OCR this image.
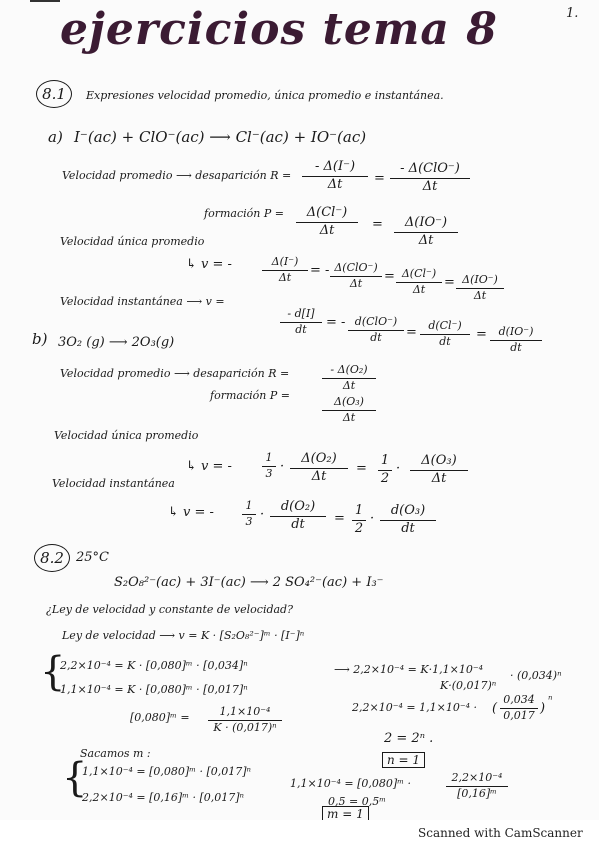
ejercicios tema 8	1.
8.1	Expresiones velocidad promedio, única promedio e instantánea.
a) I⁻(ac) + ClO⁻(ac) ⟶ Cl⁻(ac) + IO⁻(ac)
Velocidad promedio ⟶ desaparición $R = \frac{- \Delta(I^-)}{\Delta t}$ =
- Δ(ClO⁻)
Δt
formación $P = \frac{\Delta(Cl^-)}{\Delta t} = \frac{\Delta(IO^-)}{\Delta t}$
Velocidad única promedio
↳ v = -	$\frac{\Delta(I^-)}{\Delta t}$ = - Δ(ClO⁻)
Δt	= $\frac{\Delta(Cl^-)}{\Delta t} = \frac{\Delta(IO^-)}{\Delta t}$
Velocidad instantánea ⟶ v =
$\frac{- d[I]}{dt}$ = - d(ClO⁻)
dt	= $\frac{d(Cl^-)}{dt} = \frac{d(IO^-)}{dt}$
b) 3O₂ (g) ⟶ 2O₃(g)
Velocidad promedio ⟶ desaparición R =	$\frac{\text{- Δ(O₂)}}{\Delta t}$
formación P =
$\frac{\text{Δ(O₃)}}{\Delta t}$
Velocidad única promedio
↳ v = -	$\frac{1}{3} \cdot \frac{\text{Δ(O₂)}}{\Delta t} = \frac{1}{2} \cdot \frac{\text{Δ(O₃)}}{\Delta t}$
Velocidad instantánea
↳ v = -	$\frac{1}{3} \cdot \frac{\text{d(O₂)}}{dt} = \frac{1}{2} \cdot \frac{\text{d(O₃)}}{dt}$
8.2 25°C
S₂O₈²⁻(ac) + 3I⁻(ac) ⟶ 2 SO₄²⁻(ac) + I₃⁻
¿Ley de velocidad y constante de velocidad?
Ley de velocidad ⟶ v = K · [S₂O₈²⁻]ᵐ · [I⁻]ⁿ
{
2,2×10⁻⁴ = K · [0,080]ᵐ · [0,034]ⁿ
1,1×10⁻⁴ = K · [0,080]ᵐ · [0,017]ⁿ
⟶ 2,2×10⁻⁴ = K·1,1×10⁻⁴ · (0,034)ⁿ
K·(0,017)ⁿ
[0,080]ᵐ = $\frac{\text{1,1×10⁻⁴}}{\text{K · (0,017)ⁿ}}$	2,2×10⁻⁴ = 1,1×10⁻⁴ · ( $\frac{0,034}{0,017}$ )
ⁿ
2 = 2ⁿ .
n = 1
Sacamos m :
{
1,1×10⁻⁴ = [0,080]ᵐ · [0,017]ⁿ
2,2×10⁻⁴ = [0,16]ᵐ · [0,017]ⁿ
1,1×10⁻⁴ = [0,080]ᵐ ·	$\frac{\text{2,2×10⁻⁴}}{\text{[0,16]ᵐ}}$
0,5 = 0,5ᵐ
m = 1
Scanned with CamScanner
